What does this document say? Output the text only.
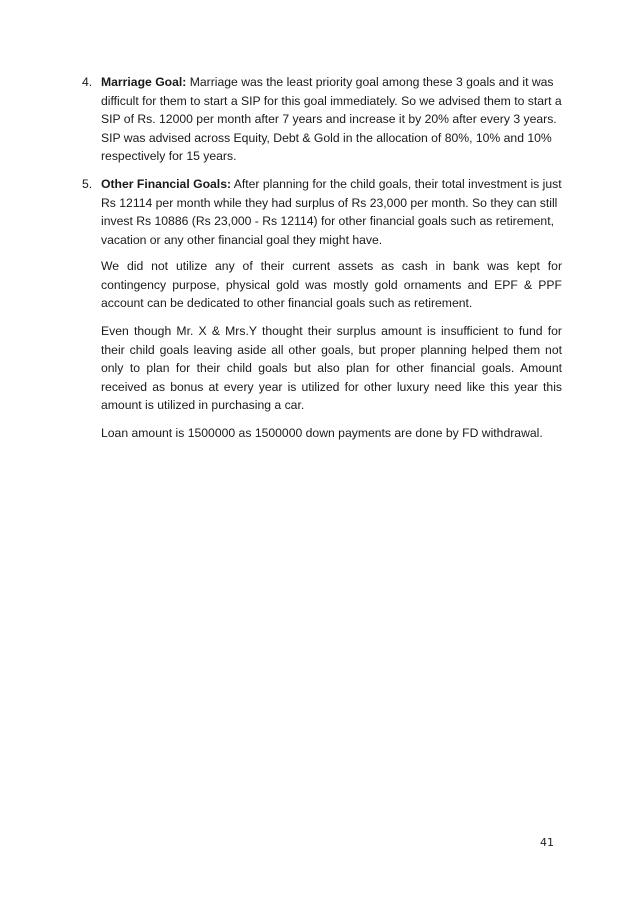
4. Marriage Goal: Marriage was the least priority goal among these 3 goals and it was difficult for them to start a SIP for this goal immediately. So we advised them to start a SIP of Rs. 12000 per month after 7 years and increase it by 20% after every 3 years. SIP was advised across Equity, Debt & Gold in the allocation of 80%, 10% and 10% respectively for 15 years.
5. Other Financial Goals: After planning for the child goals, their total investment is just Rs 12114 per month while they had surplus of Rs 23,000 per month. So they can still invest Rs 10886 (Rs 23,000 - Rs 12114) for other financial goals such as retirement, vacation or any other financial goal they might have.
We did not utilize any of their current assets as cash in bank was kept for contingency purpose, physical gold was mostly gold ornaments and EPF & PPF account can be dedicated to other financial goals such as retirement.
Even though Mr. X & Mrs.Y thought their surplus amount is insufficient to fund for their child goals leaving aside all other goals, but proper planning helped them not only to plan for their child goals but also plan for other financial goals. Amount received as bonus at every year is utilized for other luxury need like this year this amount is utilized in purchasing a car.
Loan amount is 1500000 as 1500000 down payments are done by FD withdrawal.
41
